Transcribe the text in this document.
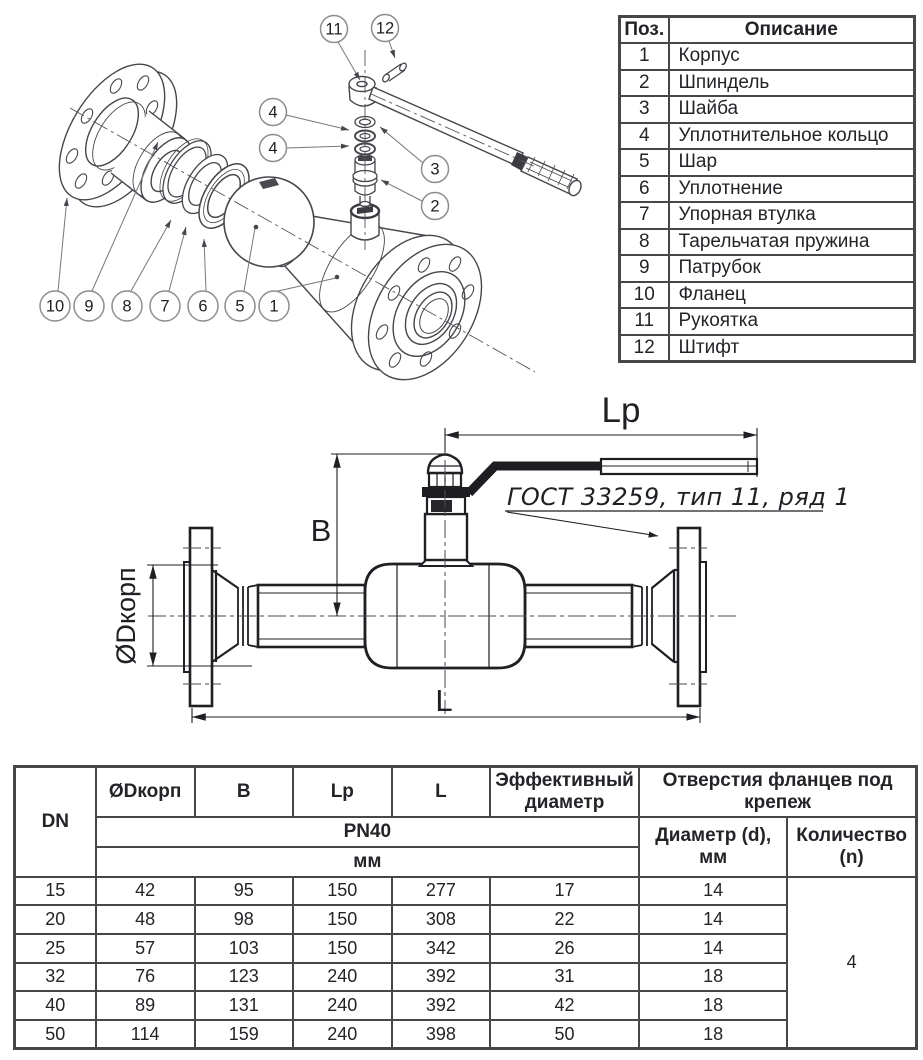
11 12
4
4
3
2
10 9 8 7 6 5 1
Поз.	Описание
1	Корпус
2	Шпиндель
3	Шайба
4	Уплотнительное кольцо
5	Шар
6	Уплотнение
7	Упорная втулка
8	Тарельчатая пружина
9	Патрубок
10	Фланец
11	Рукоятка
12	Штифт
Lp
B
L
ØDкорп
ГОСТ 33259, тип 11, ряд 1
DN	ØDкорп	B	Lp	L	Эффективный диаметр	Отверстия фланцев под крепеж	
	PN40					Диаметр (d), мм	Количество (n)
	мм						
15	42	95	150	277	17	14	4
20	48	98	150	308	22	14	
25	57	103	150	342	26	14	
32	76	123	240	392	31	18	
40	89	131	240	392	42	18	
50	114	159	240	398	50	18	
